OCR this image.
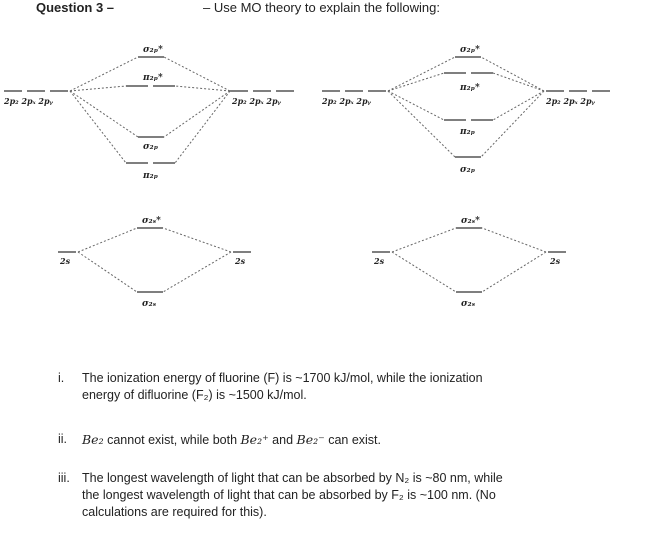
Question 3 –	– Use MO theory to explain the following:
2p₂ 2pₓ 2pᵧ	2p₂ 2pₓ 2pᵧ
σ₂ₚ*
π₂ₚ*
σ₂ₚ
π₂ₚ
2s	2s
σ₂ₛ*
σ₂ₛ
2p₂ 2pₓ 2pᵧ	2p₂ 2pₓ 2pᵧ
σ₂ₚ*
π₂ₚ*
π₂ₚ
σ₂ₚ
2s	2s
σ₂ₛ*
σ₂ₛ
i. The ionization energy of fluorine (F) is ~1700 kJ/mol, while the ionization
energy of difluorine (F₂) is ~1500 kJ/mol.
ii. Be₂ cannot exist, while both Be₂⁺ and Be₂⁻ can exist.
iii. The longest wavelength of light that can be absorbed by N₂ is ~80 nm, while
the longest wavelength of light that can be absorbed by F₂ is ~100 nm. (No
calculations are required for this).
